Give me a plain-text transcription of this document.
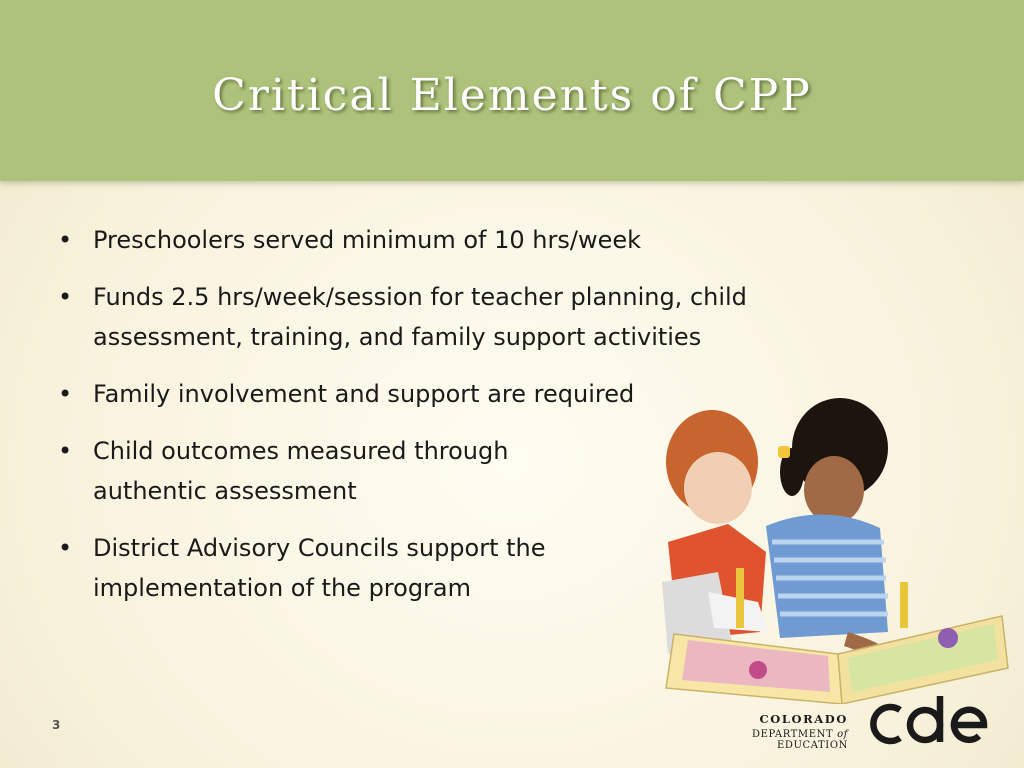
Critical Elements of CPP
• Preschoolers served minimum of 10 hrs/week
• Funds 2.5 hrs/week/session for teacher planning, child assessment, training, and family support activities
• Family involvement and support are required
• Child outcomes measured through authentic assessment
• District Advisory Councils support the implementation of the program
3	COLORADO
DEPARTMENT of EDUCATION
